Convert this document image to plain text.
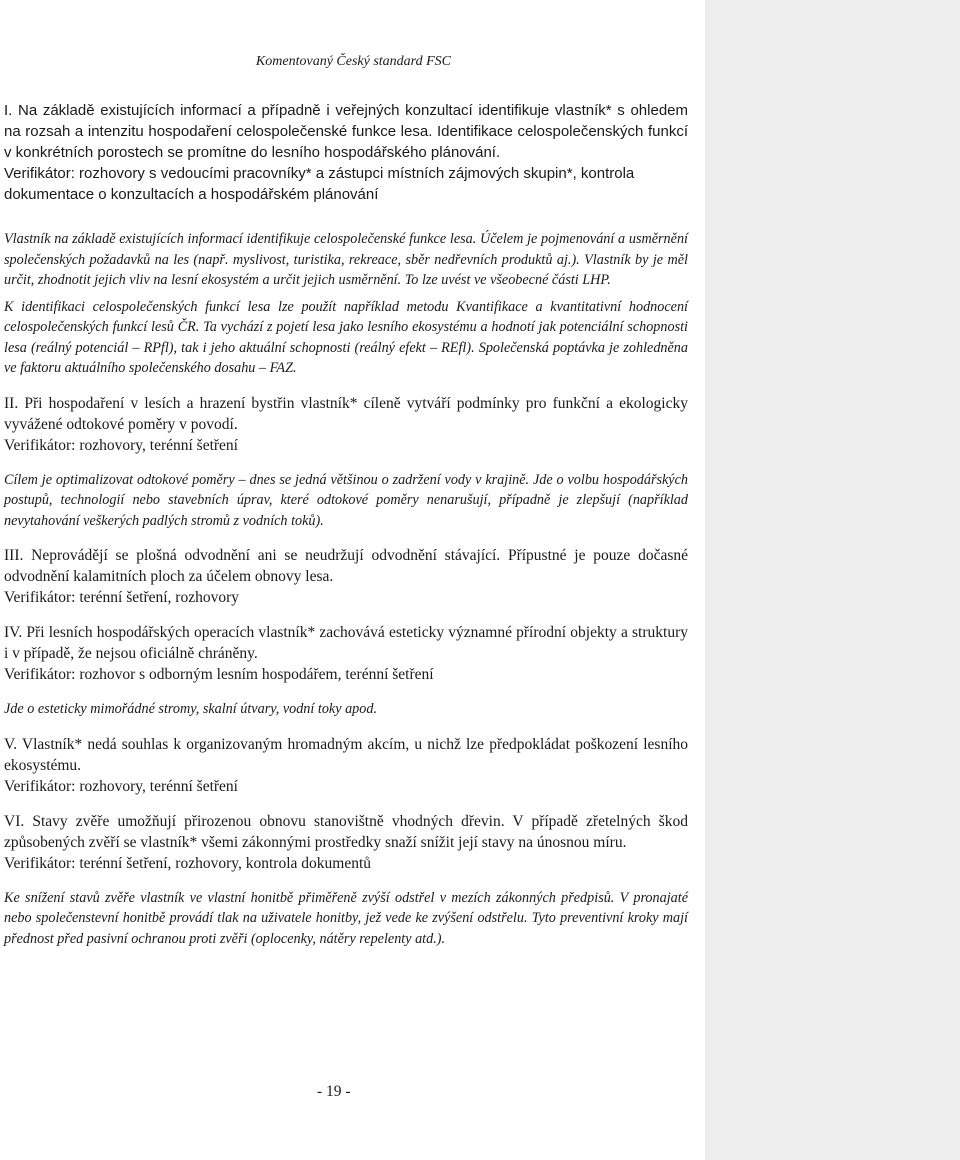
Komentovaný Český standard FSC

I. Na základě existujících informací a případně i veřejných konzultací identifikuje vlastník* s ohledem na rozsah a intenzitu hospodaření celospolečenské funkce lesa. Identifikace celospolečenských funkcí v konkrétních porostech se promítne do lesního hospodářského plánování.

Verifikátor: rozhovory s vedoucími pracovníky* a zástupci místních zájmových skupin*, kontrola dokumentace o konzultacích a hospodářském plánování

Vlastník na základě existujících informací identifikuje celospolečenské funkce lesa. Účelem je pojmenování a usměrnění společenských požadavků na les (např. myslivost, turistika, rekreace, sběr nedřevních produktů aj.). Vlastník by je měl určit, zhodnotit jejich vliv na lesní ekosystém a určit jejich usměrnění. To lze uvést ve všeobecné části LHP.

K identifikaci celospolečenských funkcí lesa lze použít například metodu Kvantifikace a kvantitativní hodnocení celospolečenských funkcí lesů ČR. Ta vychází z pojetí lesa jako lesního ekosystému a hodnotí jak potenciální schopnosti lesa (reálný potenciál – RPfl), tak i jeho aktuální schopnosti (reálný efekt – REfl). Společenská poptávka je zohledněna ve faktoru aktuálního společenského dosahu – FAZ.

II. Při hospodaření v lesích a hrazení bystřin vlastník* cíleně vytváří podmínky pro funkční a ekologicky vyvážené odtokové poměry v povodí.

Verifikátor: rozhovory, terénní šetření

Cílem je optimalizovat odtokové poměry – dnes se jedná většinou o zadržení vody v krajině. Jde o volbu hospodářských postupů, technologií nebo stavebních úprav, které odtokové poměry nenarušují, případně je zlepšují (například nevytahování veškerých padlých stromů z vodních toků).

III. Neprovádějí se plošná odvodnění ani se neudržují odvodnění stávající. Přípustné je pouze dočasné odvodnění kalamitních ploch za účelem obnovy lesa.

Verifikátor: terénní šetření, rozhovory

IV. Při lesních hospodářských operacích vlastník* zachovává esteticky významné přírodní objekty a struktury i v případě, že nejsou oficiálně chráněny.

Verifikátor: rozhovor s odborným lesním hospodářem, terénní šetření

Jde o esteticky mimořádné stromy, skalní útvary, vodní toky apod.

V. Vlastník* nedá souhlas k organizovaným hromadným akcím, u nichž lze předpokládat poškození lesního ekosystému.

Verifikátor: rozhovory, terénní šetření

VI. Stavy zvěře umožňují přirozenou obnovu stanovištně vhodných dřevin. V případě zřetelných škod způsobených zvěří se vlastník* všemi zákonnými prostředky snaží snížit její stavy na únosnou míru.

Verifikátor: terénní šetření, rozhovory, kontrola dokumentů

Ke snížení stavů zvěře vlastník ve vlastní honitbě přiměřeně zvýší odstřel v mezích zákonných předpisů. V pronajaté nebo společenstevní honitbě provádí tlak na uživatele honitby, jež vede ke zvýšení odstřelu. Tyto preventivní kroky mají přednost před pasivní ochranou proti zvěři (oplocenky, nátěry repelenty atd.).

- 19 -
